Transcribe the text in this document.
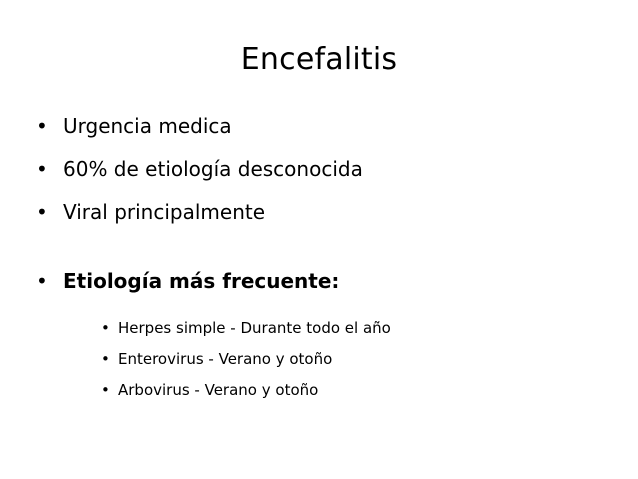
Encefalitis
• Urgencia medica
• 60% de etiología desconocida
• Viral principalmente
• Etiología más frecuente:
• Herpes simple - Durante todo el año
• Enterovirus - Verano y otoño
• Arbovirus - Verano y otoño
